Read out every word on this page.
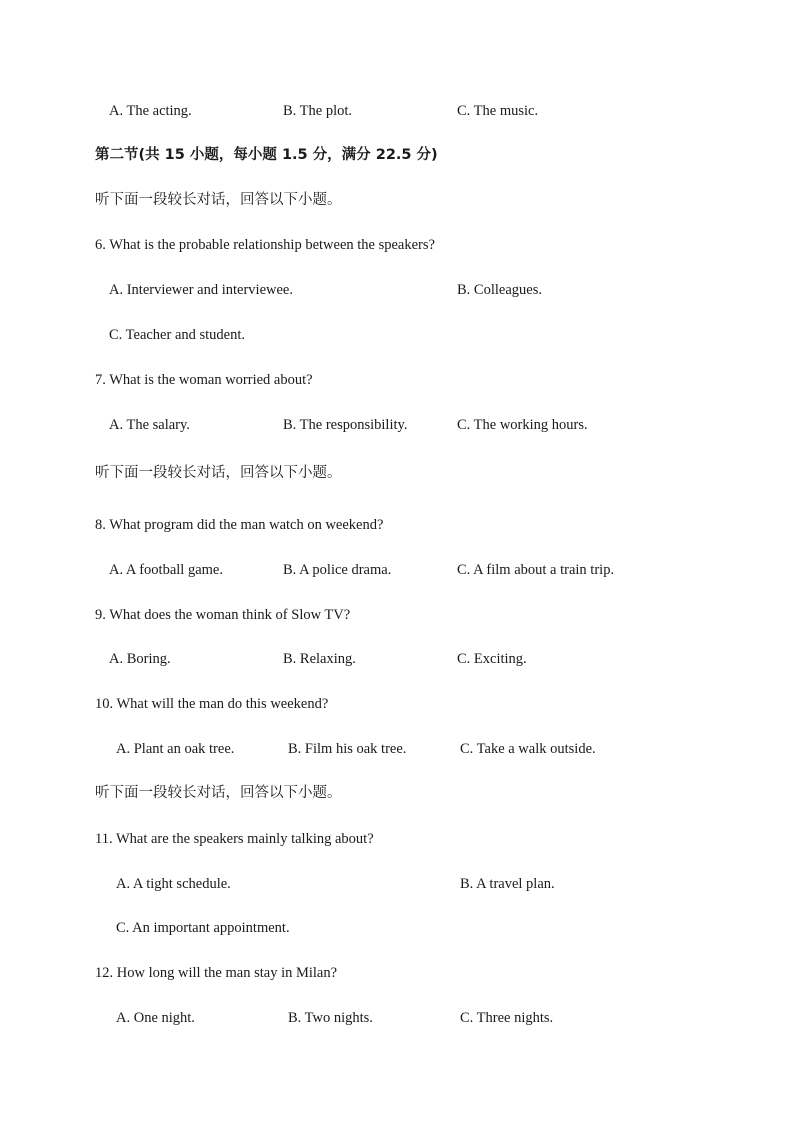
A. The acting.	B. The plot.	C. The music.
第二节(共 15 小题，每小题 1.5 分，满分 22.5 分)
听下面一段较长对话，回答以下小题。
6. What is the probable relationship between the speakers?
A. Interviewer and interviewee.	B. Colleagues.
C. Teacher and student.
7. What is the woman worried about?
A. The salary.	B. The responsibility.	C. The working hours.
听下面一段较长对话，回答以下小题。
8. What program did the man watch on weekend?
A. A football game.	B. A police drama.	C. A film about a train trip.
9. What does the woman think of Slow TV?
A. Boring.	B. Relaxing.	C. Exciting.
10. What will the man do this weekend?
A. Plant an oak tree.	B. Film his oak tree.	C. Take a walk outside.
听下面一段较长对话，回答以下小题。
11. What are the speakers mainly talking about?
A. A tight schedule.	B. A travel plan.
C. An important appointment.
12. How long will the man stay in Milan?
A. One night.	B. Two nights.	C. Three nights.
